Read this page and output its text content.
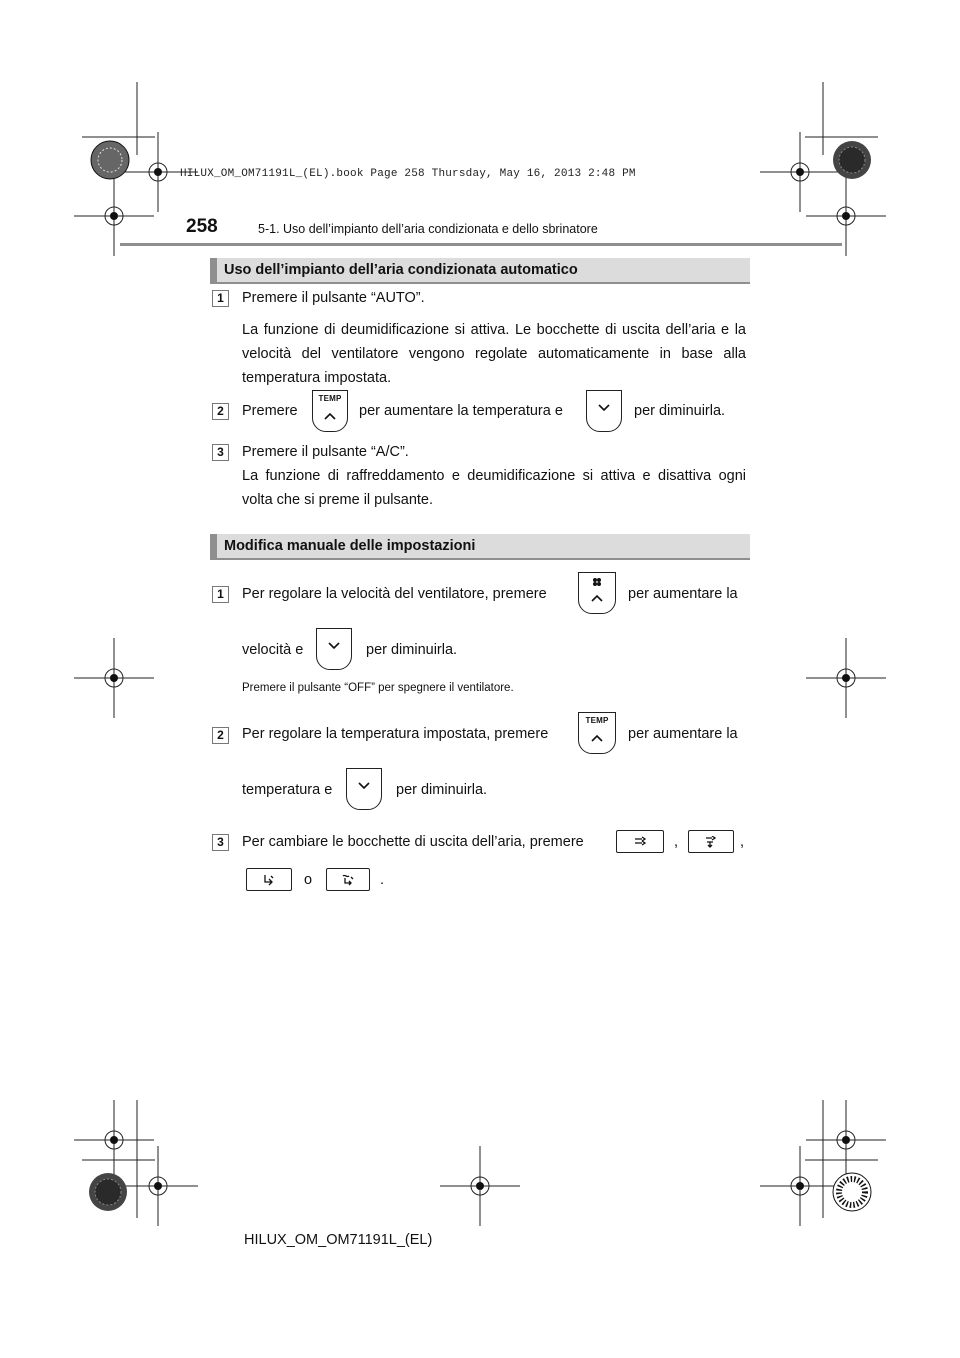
HILUX_OM_OM71191L_(EL).book Page 258 Thursday, May 16, 2013 2:48 PM
258	5-1. Uso dell’impianto dell’aria condizionata e dello sbrinatore
Uso dell’impianto dell’aria condizionata automatico
1	Premere il pulsante “AUTO”.
La funzione di deumidificazione si attiva. Le bocchette di uscita dell’aria e la velocità del ventilatore vengono regolate automaticamente in base alla temperatura impostata.
2	Premere
TEMP
per aumentare la temperatura e	per diminuirla.
3	Premere il pulsante “A/C”.
La funzione di raffreddamento e deumidificazione si attiva e disattiva ogni volta che si preme il pulsante.
Modifica manuale delle impostazioni
1	Per regolare la velocità del ventilatore, premere	per aumentare la
velocità e	per diminuirla.
Premere il pulsante “OFF” per spegnere il ventilatore.
2	Per regolare la temperatura impostata, premere
TEMP
per aumentare la
temperatura e	per diminuirla.
3	Per cambiare le bocchette di uscita dell’aria, premere	,	,
o	.
HILUX_OM_OM71191L_(EL)
